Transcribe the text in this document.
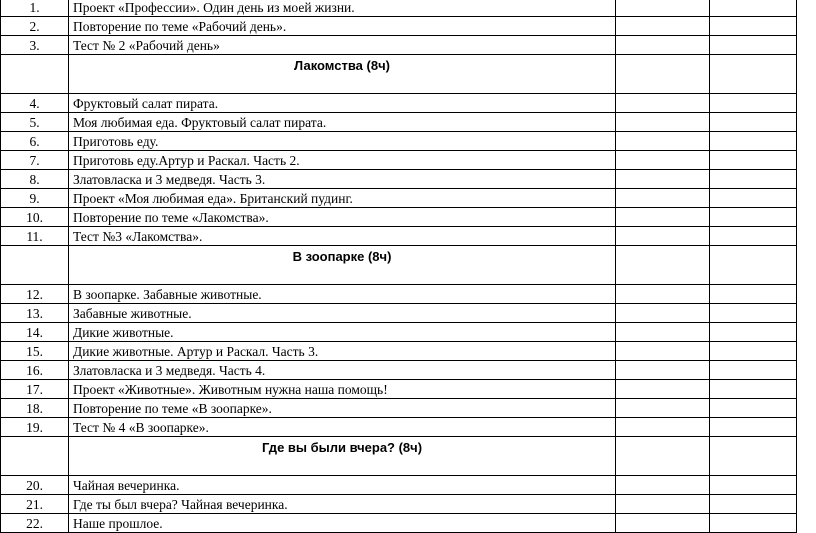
1.	Проект «Профессии». Один день из моей жизни.		
2.	Повторение по теме «Рабочий день».		
3.	Тест № 2 «Рабочий день»		
	Лакомства (8ч)		
4.	Фруктовый салат пирата.		
5.	Моя любимая еда. Фруктовый салат пирата.		
6.	Приготовь еду.		
7.	Приготовь еду.Артур и Раскал. Часть 2.		
8.	Златовласка и 3 медведя. Часть 3.		
9.	Проект «Моя любимая еда». Британский пудинг.		
10.	Повторение по теме «Лакомства».		
11.	Тест №3 «Лакомства».		
	В зоопарке (8ч)		
12.	В зоопарке. Забавные животные.		
13.	Забавные животные.		
14.	Дикие животные.		
15.	Дикие животные. Артур и Раскал. Часть 3.		
16.	Златовласка и 3 медведя. Часть 4.		
17.	Проект «Животные». Животным нужна наша помощь!		
18.	Повторение по теме «В зоопарке».		
19.	Тест № 4 «В зоопарке».		
	Где вы были вчера? (8ч)		
20.	Чайная вечеринка.		
21.	Где ты был вчера? Чайная вечеринка.		
22.	Наше прошлое.		
